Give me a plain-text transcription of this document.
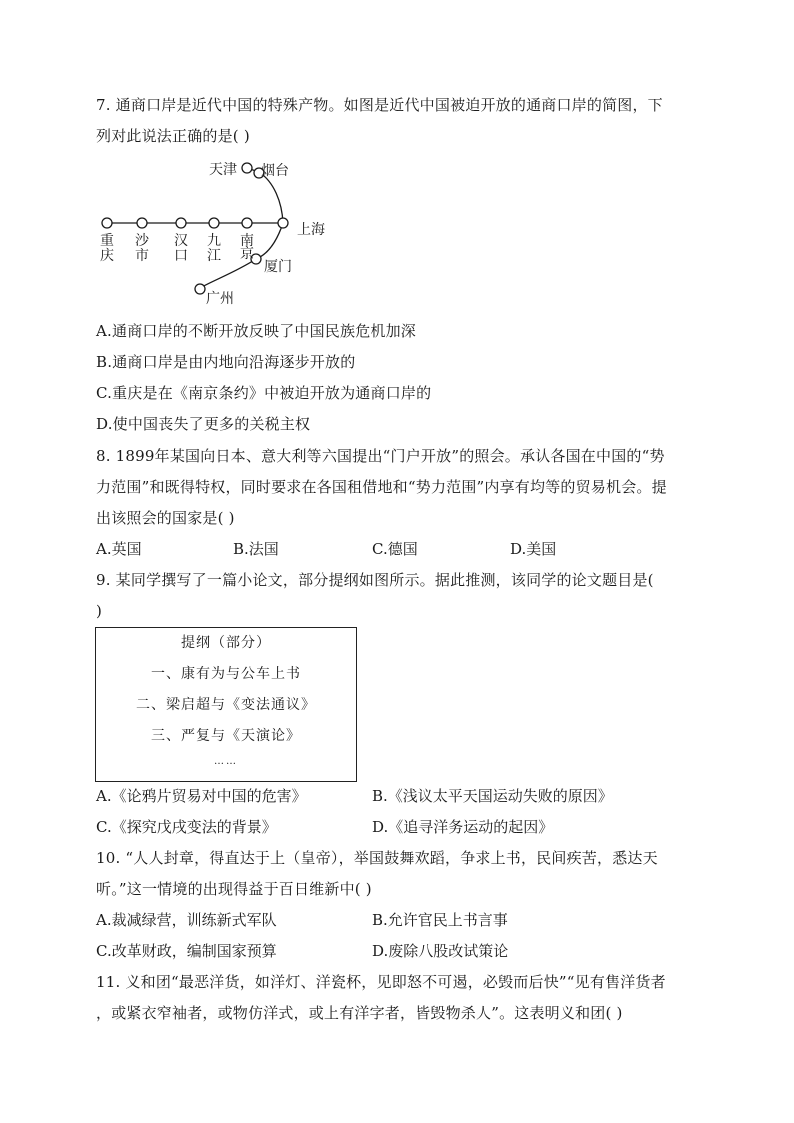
7. 通商口岸是近代中国的特殊产物。如图是近代中国被迫开放的通商口岸的简图，下
列对此说法正确的是( )
天津 烟台
上海
厦门
广州
重
庆
沙
市
汉
口
九
江
南
京
A.通商口岸的不断开放反映了中国民族危机加深
B.通商口岸是由内地向沿海逐步开放的
C.重庆是在《南京条约》中被迫开放为通商口岸的
D.使中国丧失了更多的关税主权
8. 1899年某国向日本、意大利等六国提出“门户开放”的照会。承认各国在中国的“势
力范围”和既得特权，同时要求在各国租借地和“势力范围”内享有均等的贸易机会。提
出该照会的国家是( )
A.英国	B.法国	C.德国	D.美国
9. 某同学撰写了一篇小论文，部分提纲如图所示。据此推测，该同学的论文题目是(
)
提纲（部分）
一、康有为与公车上书
二、梁启超与《变法通议》
三、严复与《天演论》
……
A.《论鸦片贸易对中国的危害》	B.《浅议太平天国运动失败的原因》
C.《探究戊戌变法的背景》	D.《追寻洋务运动的起因》
10. “人人封章，得直达于上（皇帝），举国鼓舞欢蹈，争求上书，民间疾苦，悉达天
听。”这一情境的出现得益于百日维新中( )
A.裁减绿营，训练新式军队	B.允许官民上书言事
C.改革财政，编制国家预算	D.废除八股改试策论
11. 义和团“最恶洋货，如洋灯、洋瓷杯，见即怒不可遏，必毁而后快”“见有售洋货者
，或紧衣窄袖者，或物仿洋式，或上有洋字者，皆毁物杀人”。这表明义和团( )
